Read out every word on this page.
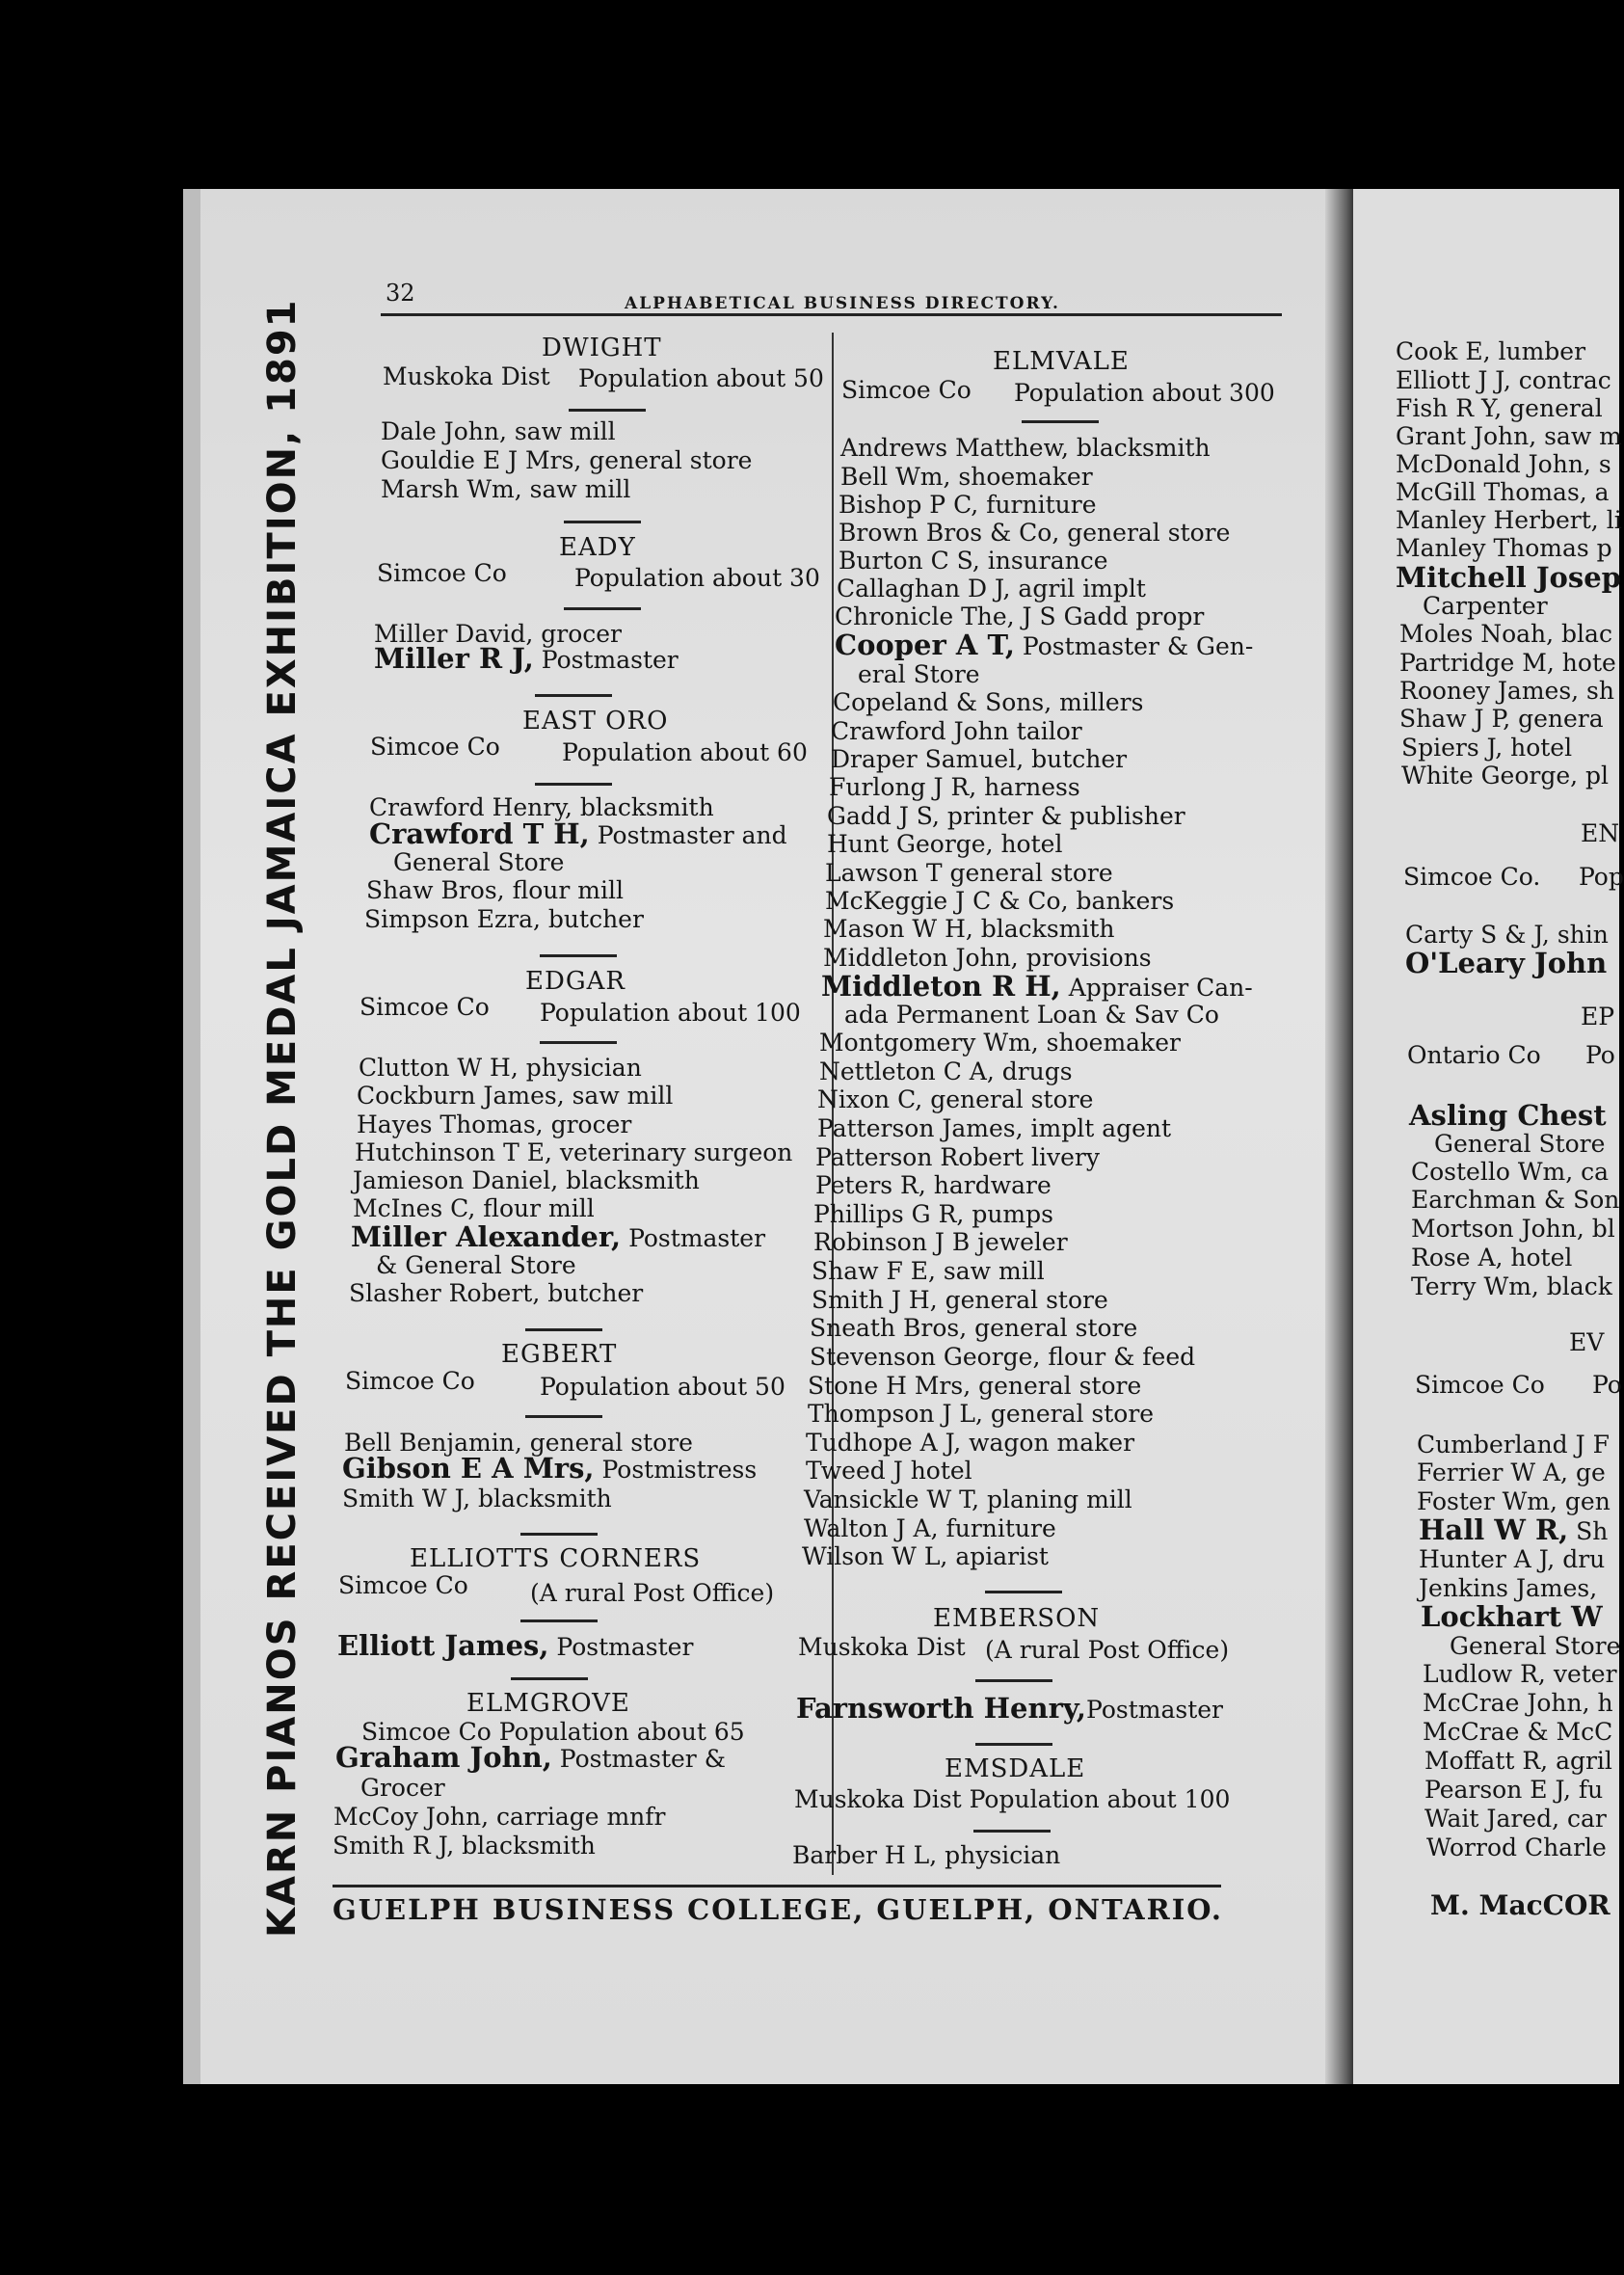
32	ALPHABETICAL BUSINESS DIRECTORY.
KARN PIANOS RECEIVED THE GOLD MEDAL JAMAICA EXHIBITION, 1891	DWIGHT
Muskoka Dist Population about 50
Dale John, saw mill
Gouldie E J Mrs, general store
Marsh Wm, saw mill
EADY
Simcoe Co	Population about 30
Miller David, grocer
Miller R J, Postmaster
EAST ORO
Simcoe Co	Population about 60
Crawford Henry, blacksmith
Crawford T H, Postmaster and
General Store
Shaw Bros, flour mill
Simpson Ezra, butcher
EDGAR
Simcoe Co Population about 100
Clutton W H, physician
Cockburn James, saw mill
Hayes Thomas, grocer
Hutchinson T E, veterinary surgeon
Jamieson Daniel, blacksmith
McInes C, flour mill
Miller Alexander, Postmaster
& General Store
Slasher Robert, butcher
EGBERT
Simcoe Co	Population about 50
Bell Benjamin, general store
Gibson E A Mrs, Postmistress
Smith W J, blacksmith
ELLIOTTS CORNERS
Simcoe Co	(A rural Post Office)
Elliott James, Postmaster
ELMGROVE
Simcoe Co Population about 65
Graham John, Postmaster &
Grocer
McCoy John, carriage mnfr
Smith R J, blacksmith
ELMVALE
Simcoe Co Population about 300
Andrews Matthew, blacksmith
Bell Wm, shoemaker
Bishop P C, furniture
Brown Bros & Co, general store
Burton C S, insurance
Callaghan D J, agril implt
Chronicle The, J S Gadd propr
Cooper A T, Postmaster & Gen-
eral Store
Copeland & Sons, millers
Crawford John tailor
Draper Samuel, butcher
Furlong J R, harness
Gadd J S, printer & publisher
Hunt George, hotel
Lawson T general store
McKeggie J C & Co, bankers
Mason W H, blacksmith
Middleton John, provisions
Middleton R H, Appraiser Can-
ada Permanent Loan & Sav Co
Montgomery Wm, shoemaker
Nettleton C A, drugs
Nixon C, general store
Patterson James, implt agent
Patterson Robert livery
Peters R, hardware
Phillips G R, pumps
Robinson J B jeweler
Shaw F E, saw mill
Smith J H, general store
Sneath Bros, general store
Stevenson George, flour & feed
Stone H Mrs, general store
Thompson J L, general store
Tudhope A J, wagon maker
Tweed J hotel
Vansickle W T, planing mill
Walton J A, furniture
Wilson W L, apiarist
EMBERSON
Muskoka Dist (A rural Post Office)
Farnsworth Henry,Postmaster
EMSDALE
Muskoka Dist Population about 100
Barber H L, physician
GUELPH BUSINESS COLLEGE, GUELPH, ONTARIO.
Cook E, lumber
Elliott J J, contrac
Fish R Y, general
Grant John, saw m
McDonald John, s
McGill Thomas, a
Manley Herbert, li
Manley Thomas p
Mitchell Josep
Carpenter
Moles Noah, blac
Partridge M, hote
Rooney James, sh
Shaw J P, genera
Spiers J, hotel
White George, pl
EN
Simcoe Co. Pop
Carty S & J, shin
O'Leary John
EP
Ontario Co Po
Asling Chest
General Store
Costello Wm, ca
Earchman & Son
Mortson John, bl
Rose A, hotel
Terry Wm, black
EV
Simcoe Co Po
Cumberland J F
Ferrier W A, ge
Foster Wm, gen
Hall W R, Sh
Hunter A J, dru
Jenkins James,
Lockhart W
General Store
Ludlow R, veter
McCrae John, h
McCrae & McC
Moffatt R, agril
Pearson E J, fu
Wait Jared, car
Worrod Charle
M. MacCOR
